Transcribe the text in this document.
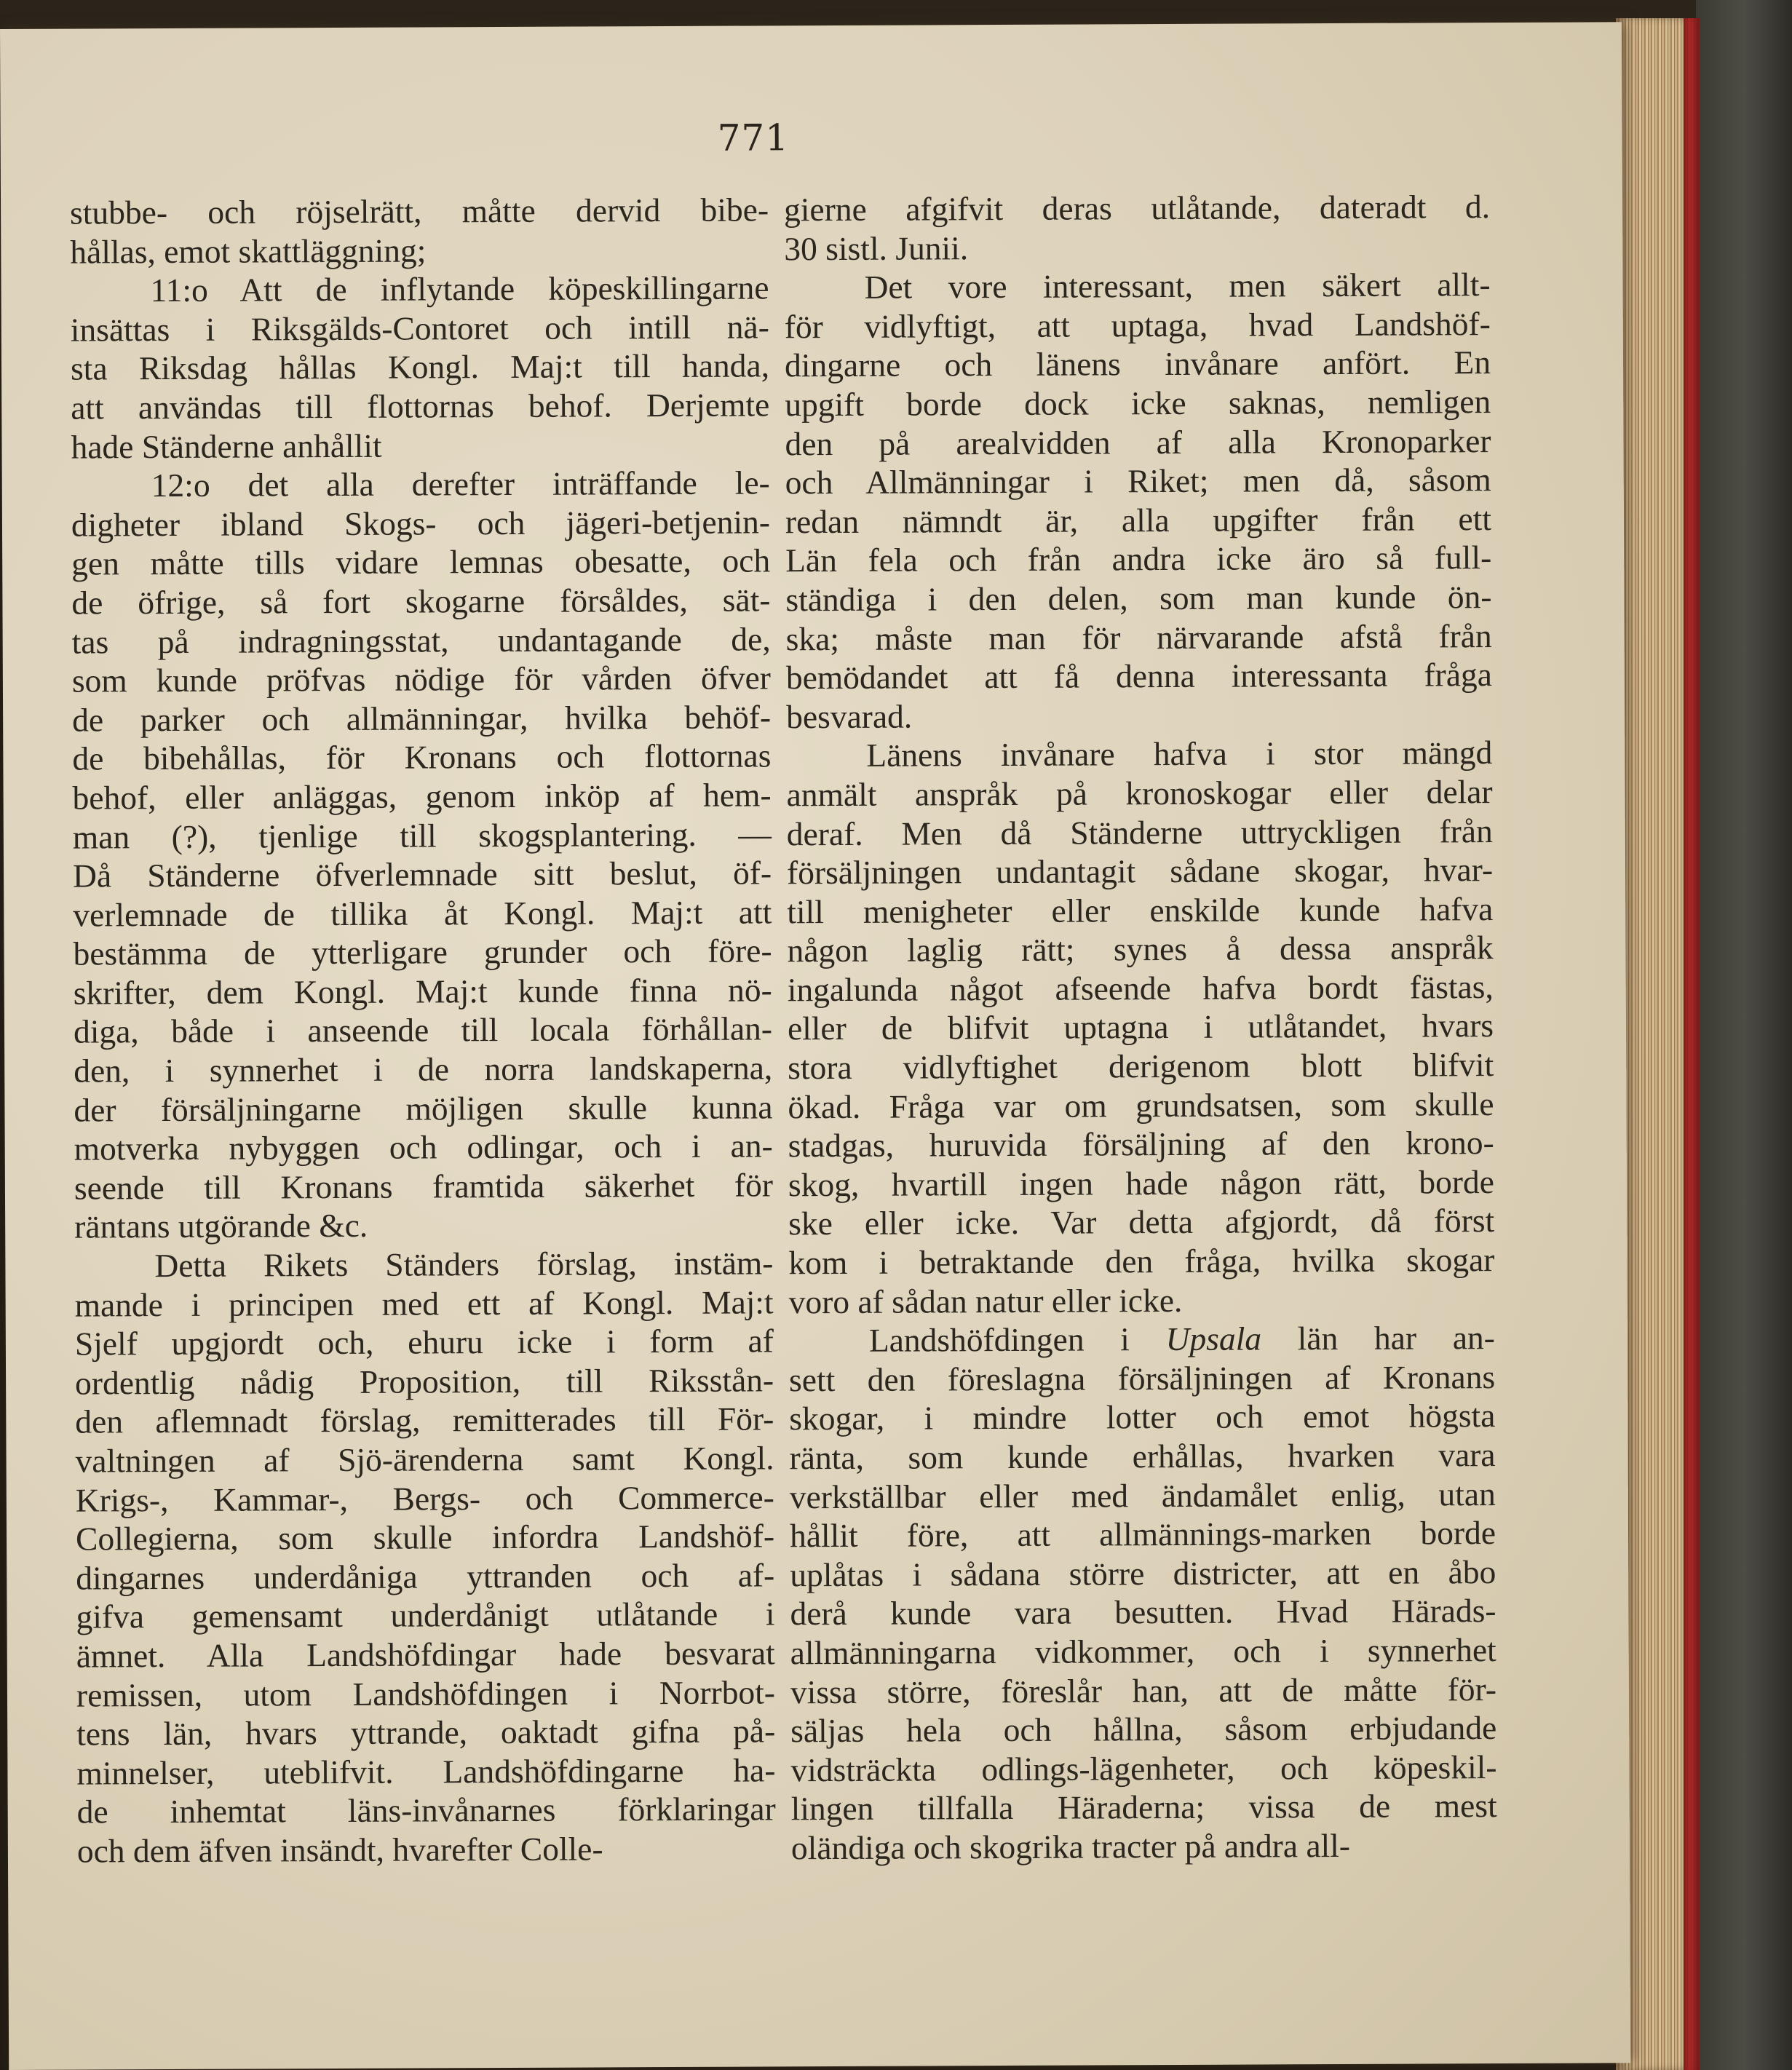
771
stubbe- och röjselrätt, måtte dervid bibe-
hållas, emot skattläggning;
11:o Att de inflytande köpeskillingarne
insättas i Riksgälds-Contoret och intill nä-
sta Riksdag hållas Kongl. Maj:t till handa,
att användas till flottornas behof. Derjemte
hade Ständerne anhållit
12:o det alla derefter inträffande le-
digheter ibland Skogs- och jägeri-betjenin-
gen måtte tills vidare lemnas obesatte, och
de öfrige, så fort skogarne försåldes, sät-
tas på indragningsstat, undantagande de,
som kunde pröfvas nödige för vården öfver
de parker och allmänningar, hvilka behöf-
de bibehållas, för Kronans och flottornas
behof, eller anläggas, genom inköp af hem-
man (?), tjenlige till skogsplantering. —
Då Ständerne öfverlemnade sitt beslut, öf-
verlemnade de tillika åt Kongl. Maj:t att
bestämma de ytterligare grunder och före-
skrifter, dem Kongl. Maj:t kunde finna nö-
diga, både i anseende till locala förhållan-
den, i synnerhet i de norra landskaperna,
der försäljningarne möjligen skulle kunna
motverka nybyggen och odlingar, och i an-
seende till Kronans framtida säkerhet för
räntans utgörande &c.
Detta Rikets Ständers förslag, instäm-
mande i principen med ett af Kongl. Maj:t
Sjelf upgjordt och, ehuru icke i form af
ordentlig nådig Proposition, till Riksstån-
den aflemnadt förslag, remitterades till För-
valtningen af Sjö-ärenderna samt Kongl.
Krigs-, Kammar-, Bergs- och Commerce-
Collegierna, som skulle infordra Landshöf-
dingarnes underdåniga yttranden och af-
gifva gemensamt underdånigt utlåtande i
ämnet. Alla Landshöfdingar hade besvarat
remissen, utom Landshöfdingen i Norrbot-
tens län, hvars yttrande, oaktadt gifna på-
minnelser, uteblifvit. Landshöfdingarne ha-
de inhemtat läns-invånarnes förklaringar
och dem äfven insändt, hvarefter Colle-
gierne afgifvit deras utlåtande, dateradt d.
30 sistl. Junii.
Det vore interessant, men säkert allt-
för vidlyftigt, att uptaga, hvad Landshöf-
dingarne och länens invånare anfört. En
upgift borde dock icke saknas, nemligen
den på arealvidden af alla Kronoparker
och Allmänningar i Riket; men då, såsom
redan nämndt är, alla upgifter från ett
Län fela och från andra icke äro så full-
ständiga i den delen, som man kunde ön-
ska; måste man för närvarande afstå från
bemödandet att få denna interessanta fråga
besvarad.
Länens invånare hafva i stor mängd
anmält anspråk på kronoskogar eller delar
deraf. Men då Ständerne uttryckligen från
försäljningen undantagit sådane skogar, hvar-
till menigheter eller enskilde kunde hafva
någon laglig rätt; synes å dessa anspråk
ingalunda något afseende hafva bordt fästas,
eller de blifvit uptagna i utlåtandet, hvars
stora vidlyftighet derigenom blott blifvit
ökad. Fråga var om grundsatsen, som skulle
stadgas, huruvida försäljning af den krono-
skog, hvartill ingen hade någon rätt, borde
ske eller icke. Var detta afgjordt, då först
kom i betraktande den fråga, hvilka skogar
voro af sådan natur eller icke.
Landshöfdingen i Upsala län har an-
sett den föreslagna försäljningen af Kronans
skogar, i mindre lotter och emot högsta
ränta, som kunde erhållas, hvarken vara
verkställbar eller med ändamålet enlig, utan
hållit före, att allmännings-marken borde
uplåtas i sådana större districter, att en åbo
derå kunde vara besutten. Hvad Härads-
allmänningarna vidkommer, och i synnerhet
vissa större, föreslår han, att de måtte för-
säljas hela och hållna, såsom erbjudande
vidsträckta odlings-lägenheter, och köpeskil-
lingen tillfalla Häraderna; vissa de mest
oländiga och skogrika tracter på andra all-
